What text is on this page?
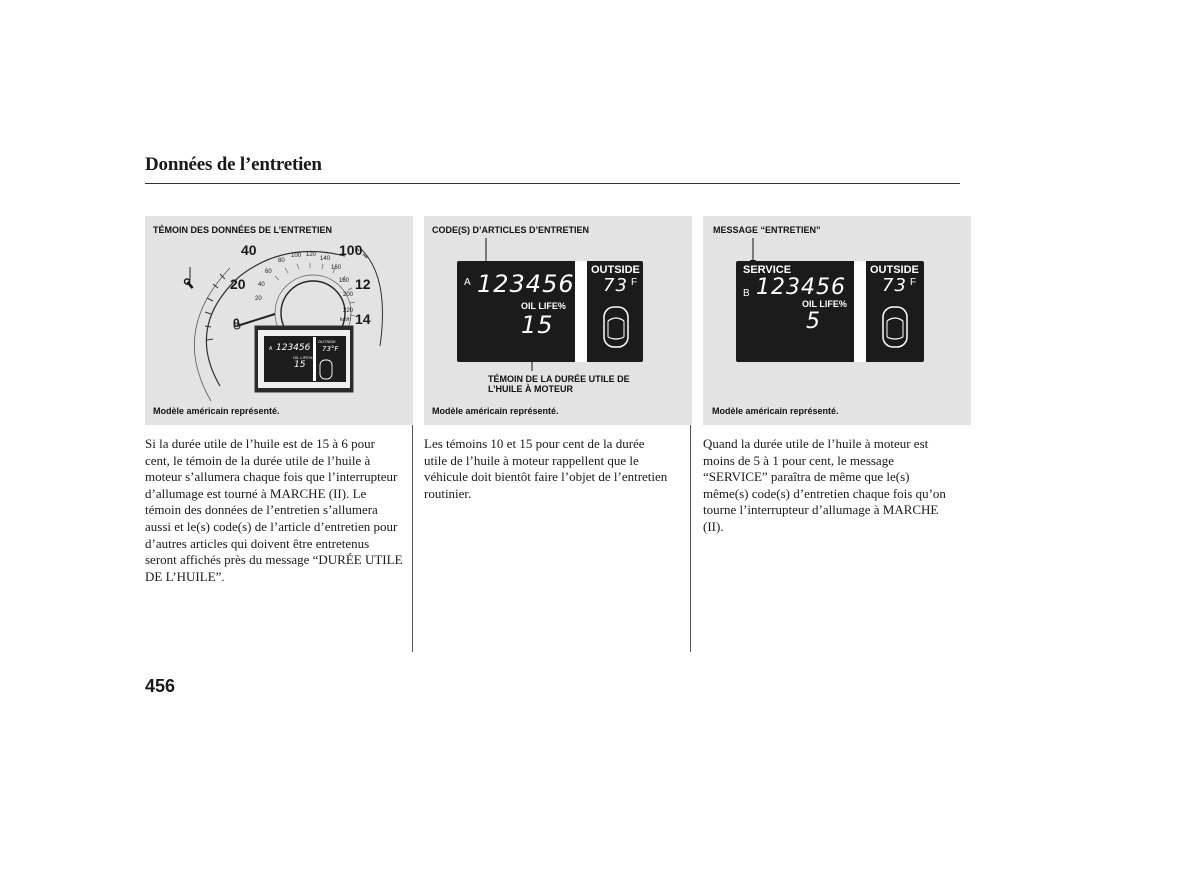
Données de l’entretien
TÉMOIN DES DONNÉES DE L’ENTRETIEN
40
20
100
12
14
80
100 120
140
160
180
200
220
60
40
20
0	km/h
A 123456
OIL LIFE%
15
OUTSIDE
73°F
Modèle américain représenté.
CODE(S) D’ARTICLES D’ENTRETIEN
A 123456
OIL LIFE%
15
OUTSIDE
73 F
TÉMOIN DE LA DURÉE UTILE DE
L’HUILE À MOTEUR
Modèle américain représenté.
MESSAGE “ENTRETIEN”
SERVICE
B 123456
OIL LIFE%
5
OUTSIDE
73 F
Modèle américain représenté.
Si la durée utile de l’huile est de 15 à 6 pour cent, le témoin de la durée utile de l’huile à moteur s’allumera chaque fois que l’interrupteur d’allumage est tourné à MARCHE (II). Le témoin des données de l’entretien s’allumera aussi et le(s) code(s) de l’article d’entretien pour d’autres articles qui doivent être entretenus seront affichés près du message “DURÉE UTILE DE L’HUILE”.
Les témoins 10 et 15 pour cent de la durée utile de l’huile à moteur rappellent que le véhicule doit bientôt faire l’objet de l’entretien routinier.
Quand la durée utile de l’huile à moteur est moins de 5 à 1 pour cent, le message “SERVICE” paraîtra de même que le(s) même(s) code(s) d’entretien chaque fois qu’on tourne l’interrupteur d’allumage à MARCHE (II).
456
